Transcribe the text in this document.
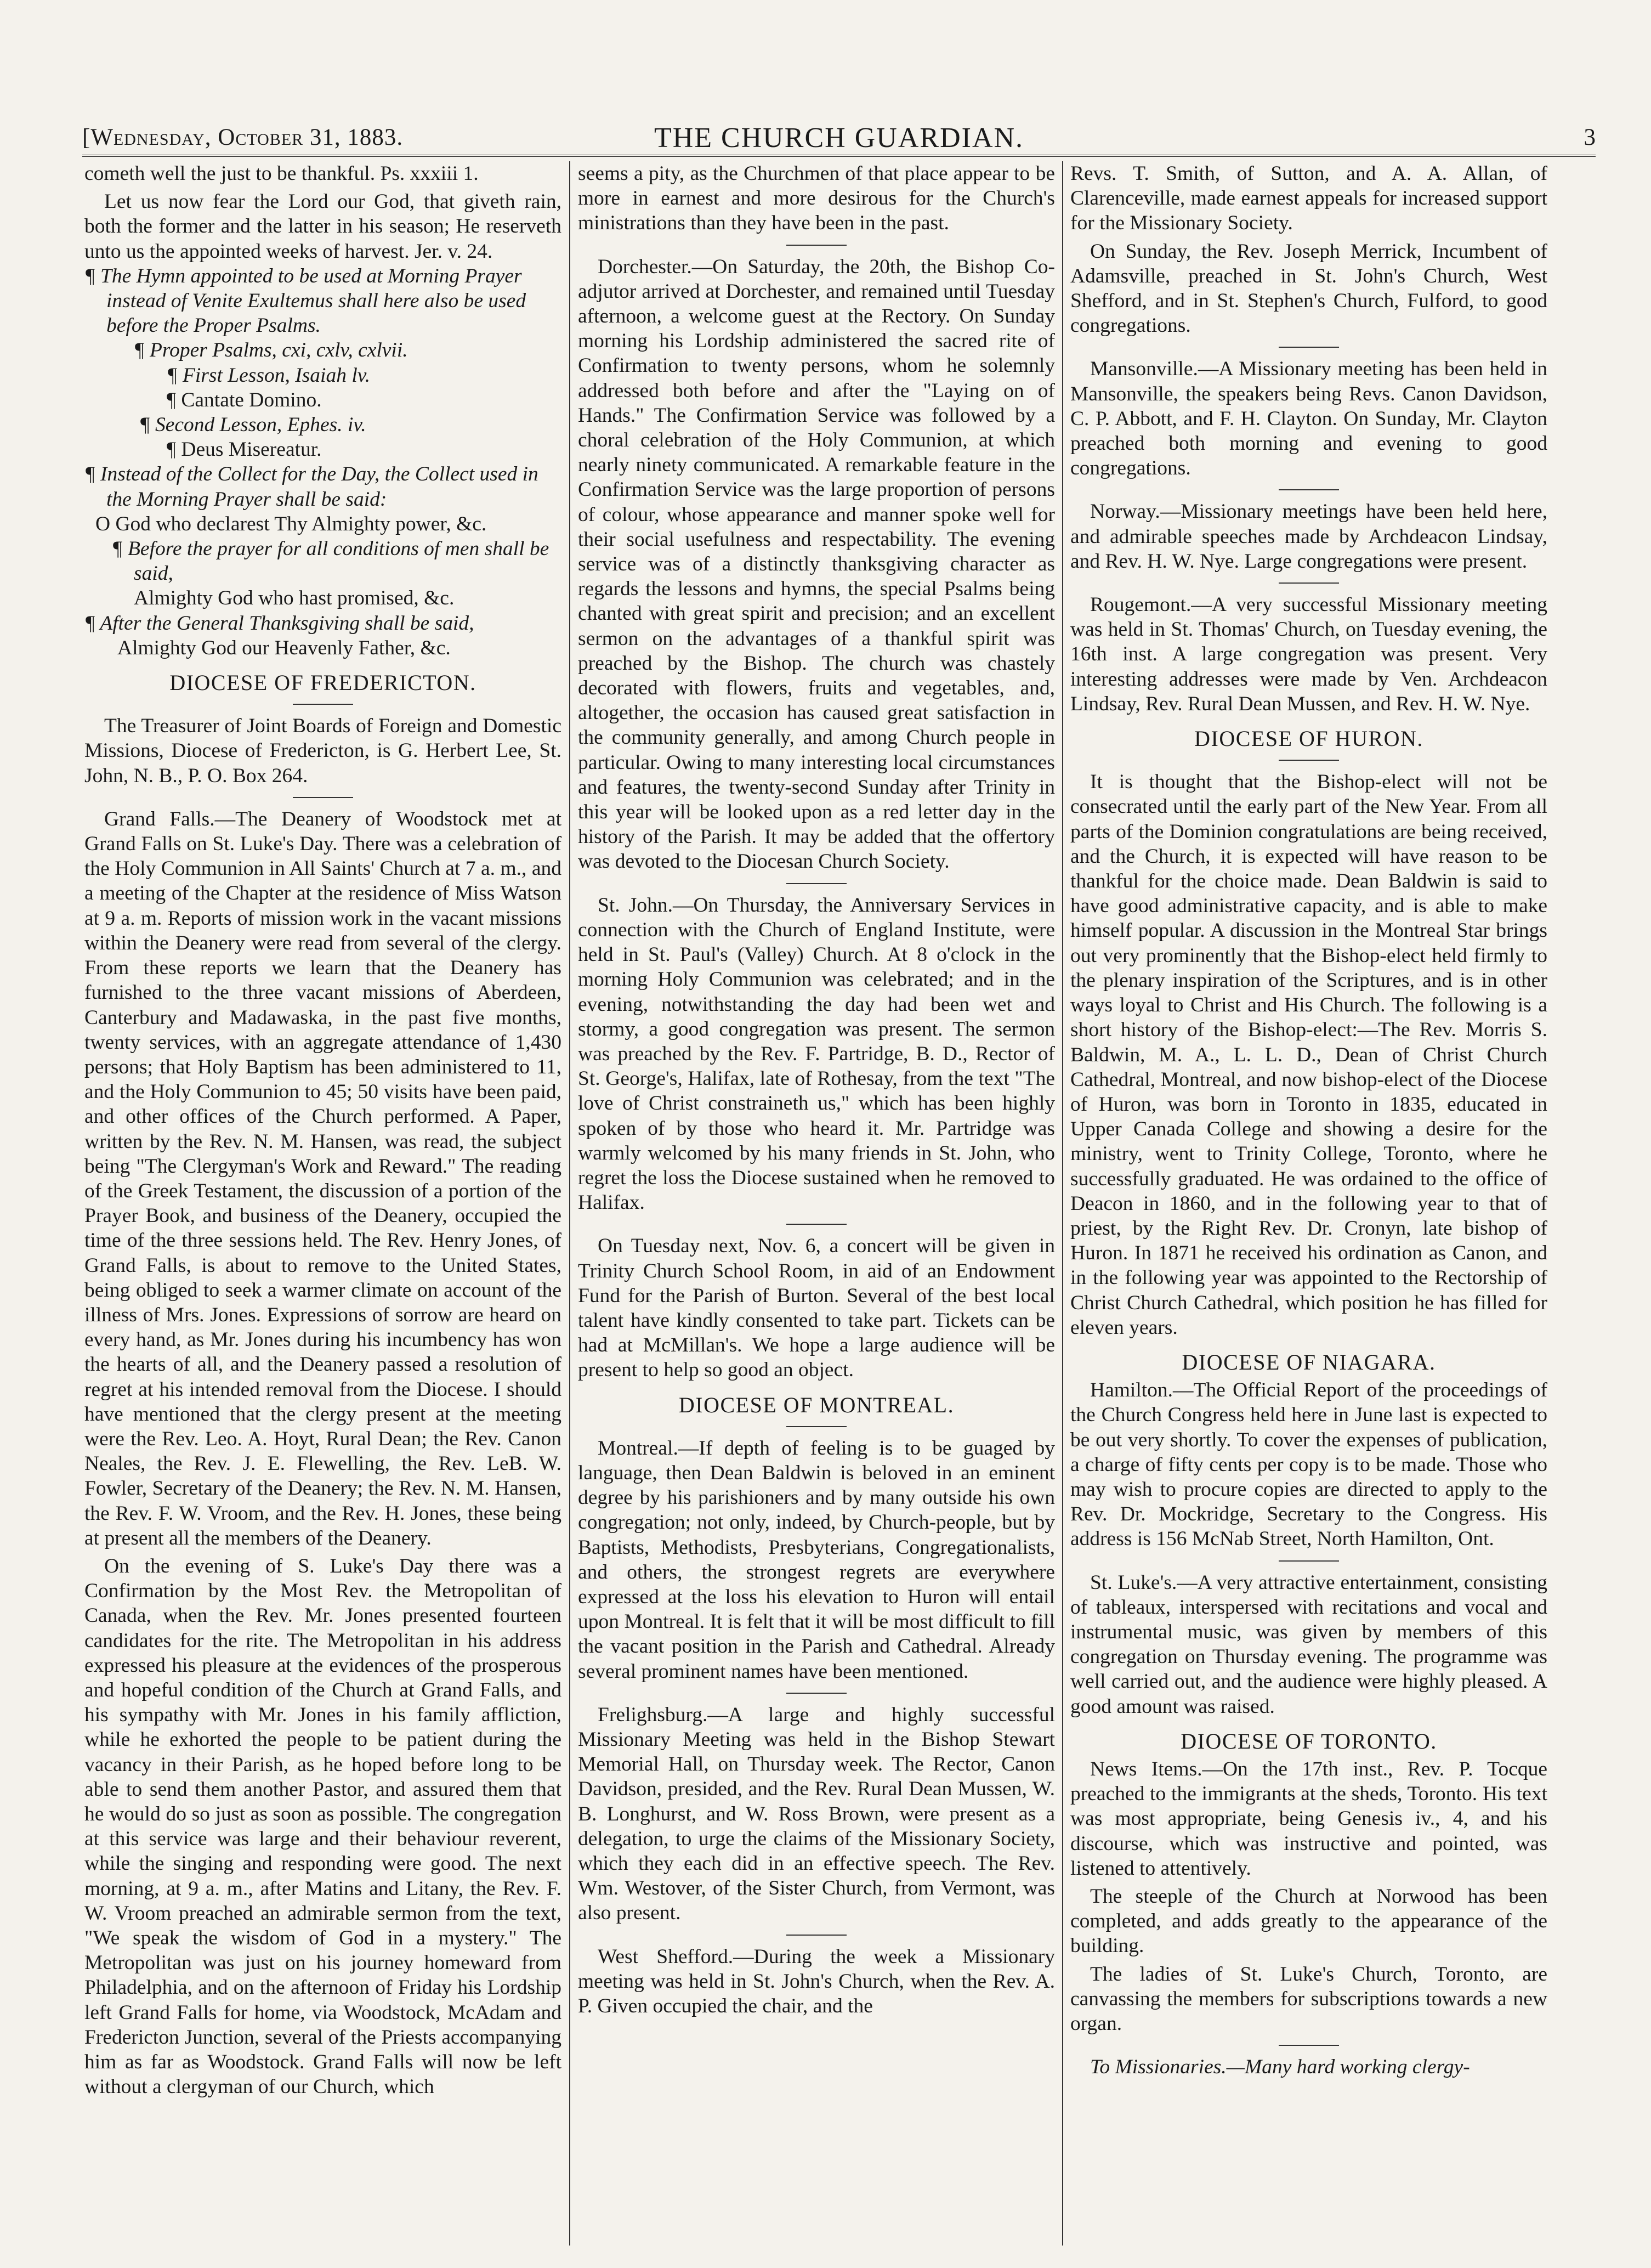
[Wednesday, October 31, 1883.	THE CHURCH GUARDIAN.	3

cometh well the just to be thankful. Ps. xxxiii 1.

Let us now fear the Lord our God, that giveth rain, both the former and the latter in his season; He reserveth unto us the appointed weeks of harvest. Jer. v. 24.

¶ The Hymn appointed to be used at Morning Prayer instead of Venite Exultemus shall here also be used before the Proper Psalms.

¶ Proper Psalms, cxi, cxlv, cxlvii.

¶ First Lesson, Isaiah lv.

¶ Cantate Domino.

¶ Second Lesson, Ephes. iv.

¶ Deus Misereatur.

¶ Instead of the Collect for the Day, the Collect used in the Morning Prayer shall be said:

O God who declarest Thy Almighty power, &c.

¶ Before the prayer for all conditions of men shall be said,

Almighty God who hast promised, &c.

¶ After the General Thanksgiving shall be said,

Almighty God our Heavenly Father, &c.

DIOCESE OF FREDERICTON.

The Treasurer of Joint Boards of Foreign and Domestic Missions, Diocese of Fredericton, is G. Herbert Lee, St. John, N. B., P. O. Box 264.

Grand Falls.—The Deanery of Woodstock met at Grand Falls on St. Luke's Day. There was a celebration of the Holy Communion in All Saints' Church at 7 a. m., and a meeting of the Chapter at the residence of Miss Watson at 9 a. m. Reports of mission work in the vacant missions within the Deanery were read from several of the clergy. From these reports we learn that the Deanery has furnished to the three vacant missions of Aberdeen, Canterbury and Madawaska, in the past five months, twenty services, with an aggregate attendance of 1,430 persons; that Holy Baptism has been administered to 11, and the Holy Communion to 45; 50 visits have been paid, and other offices of the Church performed. A Paper, written by the Rev. N. M. Hansen, was read, the subject being "The Clergyman's Work and Reward." The reading of the Greek Testament, the discussion of a portion of the Prayer Book, and business of the Deanery, occupied the time of the three sessions held. The Rev. Henry Jones, of Grand Falls, is about to remove to the United States, being obliged to seek a warmer climate on account of the illness of Mrs. Jones. Expressions of sorrow are heard on every hand, as Mr. Jones during his incumbency has won the hearts of all, and the Deanery passed a resolution of regret at his intended removal from the Diocese. I should have mentioned that the clergy present at the meeting were the Rev. Leo. A. Hoyt, Rural Dean; the Rev. Canon Neales, the Rev. J. E. Flewelling, the Rev. LeB. W. Fowler, Secretary of the Deanery; the Rev. N. M. Hansen, the Rev. F. W. Vroom, and the Rev. H. Jones, these being at present all the members of the Deanery.

On the evening of S. Luke's Day there was a Confirmation by the Most Rev. the Metropolitan of Canada, when the Rev. Mr. Jones presented fourteen candidates for the rite. The Metropolitan in his address expressed his pleasure at the evidences of the prosperous and hopeful condition of the Church at Grand Falls, and his sympathy with Mr. Jones in his family affliction, while he exhorted the people to be patient during the vacancy in their Parish, as he hoped before long to be able to send them another Pastor, and assured them that he would do so just as soon as possible. The congregation at this service was large and their behaviour reverent, while the singing and responding were good. The next morning, at 9 a. m., after Matins and Litany, the Rev. F. W. Vroom preached an admirable sermon from the text, "We speak the wisdom of God in a mystery." The Metropolitan was just on his journey homeward from Philadelphia, and on the afternoon of Friday his Lordship left Grand Falls for home, via Woodstock, McAdam and Fredericton Junction, several of the Priests accompanying him as far as Woodstock. Grand Falls will now be left without a clergyman of our Church, which

seems a pity, as the Churchmen of that place appear to be more in earnest and more desirous for the Church's ministrations than they have been in the past.

Dorchester.—On Saturday, the 20th, the Bishop Co-adjutor arrived at Dorchester, and remained until Tuesday afternoon, a welcome guest at the Rectory. On Sunday morning his Lordship administered the sacred rite of Confirmation to twenty persons, whom he solemnly addressed both before and after the "Laying on of Hands." The Confirmation Service was followed by a choral celebration of the Holy Communion, at which nearly ninety communicated. A remarkable feature in the Confirmation Service was the large proportion of persons of colour, whose appearance and manner spoke well for their social usefulness and respectability. The evening service was of a distinctly thanksgiving character as regards the lessons and hymns, the special Psalms being chanted with great spirit and precision; and an excellent sermon on the advantages of a thankful spirit was preached by the Bishop. The church was chastely decorated with flowers, fruits and vegetables, and, altogether, the occasion has caused great satisfaction in the community generally, and among Church people in particular. Owing to many interesting local circumstances and features, the twenty-second Sunday after Trinity in this year will be looked upon as a red letter day in the history of the Parish. It may be added that the offertory was devoted to the Diocesan Church Society.

St. John.—On Thursday, the Anniversary Services in connection with the Church of England Institute, were held in St. Paul's (Valley) Church. At 8 o'clock in the morning Holy Communion was celebrated; and in the evening, notwithstanding the day had been wet and stormy, a good congregation was present. The sermon was preached by the Rev. F. Partridge, B. D., Rector of St. George's, Halifax, late of Rothesay, from the text "The love of Christ constraineth us," which has been highly spoken of by those who heard it. Mr. Partridge was warmly welcomed by his many friends in St. John, who regret the loss the Diocese sustained when he removed to Halifax.

On Tuesday next, Nov. 6, a concert will be given in Trinity Church School Room, in aid of an Endowment Fund for the Parish of Burton. Several of the best local talent have kindly consented to take part. Tickets can be had at McMillan's. We hope a large audience will be present to help so good an object.

DIOCESE OF MONTREAL.

Montreal.—If depth of feeling is to be guaged by language, then Dean Baldwin is beloved in an eminent degree by his parishioners and by many outside his own congregation; not only, indeed, by Church-people, but by Baptists, Methodists, Presbyterians, Congregationalists, and others, the strongest regrets are everywhere expressed at the loss his elevation to Huron will entail upon Montreal. It is felt that it will be most difficult to fill the vacant position in the Parish and Cathedral. Already several prominent names have been mentioned.

Frelighsburg.—A large and highly successful Missionary Meeting was held in the Bishop Stewart Memorial Hall, on Thursday week. The Rector, Canon Davidson, presided, and the Rev. Rural Dean Mussen, W. B. Longhurst, and W. Ross Brown, were present as a delegation, to urge the claims of the Missionary Society, which they each did in an effective speech. The Rev. Wm. Westover, of the Sister Church, from Vermont, was also present.

West Shefford.—During the week a Missionary meeting was held in St. John's Church, when the Rev. A. P. Given occupied the chair, and the

Revs. T. Smith, of Sutton, and A. A. Allan, of Clarenceville, made earnest appeals for increased support for the Missionary Society.

On Sunday, the Rev. Joseph Merrick, Incumbent of Adamsville, preached in St. John's Church, West Shefford, and in St. Stephen's Church, Fulford, to good congregations.

Mansonville.—A Missionary meeting has been held in Mansonville, the speakers being Revs. Canon Davidson, C. P. Abbott, and F. H. Clayton. On Sunday, Mr. Clayton preached both morning and evening to good congregations.

Norway.—Missionary meetings have been held here, and admirable speeches made by Archdeacon Lindsay, and Rev. H. W. Nye. Large congregations were present.

Rougemont.—A very successful Missionary meeting was held in St. Thomas' Church, on Tuesday evening, the 16th inst. A large congregation was present. Very interesting addresses were made by Ven. Archdeacon Lindsay, Rev. Rural Dean Mussen, and Rev. H. W. Nye.

DIOCESE OF HURON.

It is thought that the Bishop-elect will not be consecrated until the early part of the New Year. From all parts of the Dominion congratulations are being received, and the Church, it is expected will have reason to be thankful for the choice made. Dean Baldwin is said to have good administrative capacity, and is able to make himself popular. A discussion in the Montreal Star brings out very prominently that the Bishop-elect held firmly to the plenary inspiration of the Scriptures, and is in other ways loyal to Christ and His Church. The following is a short history of the Bishop-elect:—The Rev. Morris S. Baldwin, M. A., L. L. D., Dean of Christ Church Cathedral, Montreal, and now bishop-elect of the Diocese of Huron, was born in Toronto in 1835, educated in Upper Canada College and showing a desire for the ministry, went to Trinity College, Toronto, where he successfully graduated. He was ordained to the office of Deacon in 1860, and in the following year to that of priest, by the Right Rev. Dr. Cronyn, late bishop of Huron. In 1871 he received his ordination as Canon, and in the following year was appointed to the Rectorship of Christ Church Cathedral, which position he has filled for eleven years.

DIOCESE OF NIAGARA.

Hamilton.—The Official Report of the proceedings of the Church Congress held here in June last is expected to be out very shortly. To cover the expenses of publication, a charge of fifty cents per copy is to be made. Those who may wish to procure copies are directed to apply to the Rev. Dr. Mockridge, Secretary to the Congress. His address is 156 McNab Street, North Hamilton, Ont.

St. Luke's.—A very attractive entertainment, consisting of tableaux, interspersed with recitations and vocal and instrumental music, was given by members of this congregation on Thursday evening. The programme was well carried out, and the audience were highly pleased. A good amount was raised.

DIOCESE OF TORONTO.

News Items.—On the 17th inst., Rev. P. Tocque preached to the immigrants at the sheds, Toronto. His text was most appropriate, being Genesis iv., 4, and his discourse, which was instructive and pointed, was listened to attentively.

The steeple of the Church at Norwood has been completed, and adds greatly to the appearance of the building.

The ladies of St. Luke's Church, Toronto, are canvassing the members for subscriptions towards a new organ.

To Missionaries.—Many hard working clergy-
